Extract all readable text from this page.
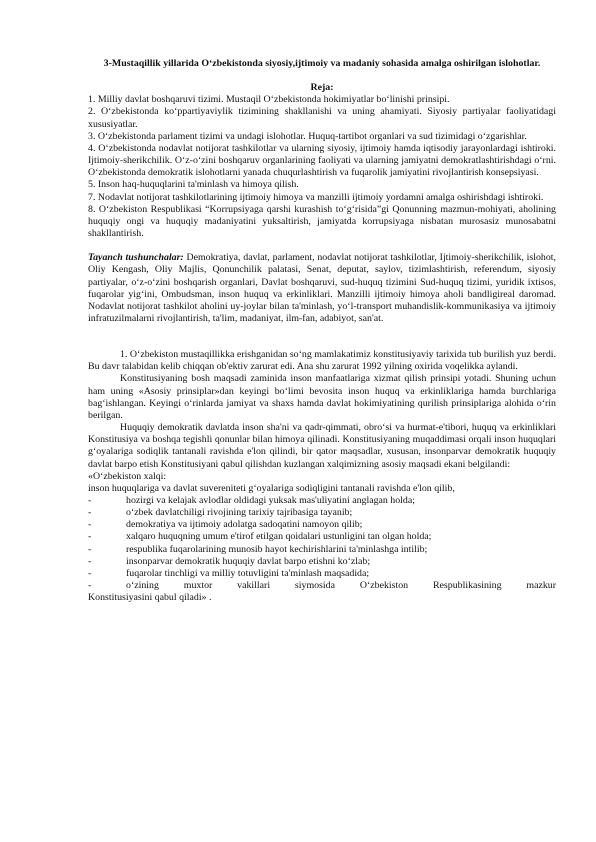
3-Mustaqillik yillarida O‘zbekistonda siyosiy,ijtimoiy va madaniy sohasida amalga oshirilgan islohotlar.

Reja:

1. Milliy davlat boshqaruvi tizimi. Mustaqil O‘zbekistonda hokimiyatlar bo‘linishi prinsipi.

2. O‘zbekistonda ko‘ppartiyaviylik tizimining shakllanishi va uning ahamiyati. Siyosiy partiyalar faoliyatidagi xususiyatlar.

3. O‘zbekistonda parlament tizimi va undagi islohotlar. Huquq-tartibot organlari va sud tizimidagi o‘zgarishlar.

4. O‘zbekistonda nodavlat notijorat tashkilotlar va ularning siyosiy, ijtimoiy hamda iqtisodiy jarayonlardagi ishtiroki. Ijtimoiy-sherikchilik. O‘z-o‘zini boshqaruv organlarining faoliyati va ularning jamiyatni demokratlashtirishdagi o‘rni. O‘zbekistonda demokratik islohotlarni yanada chuqurlashtirish va fuqarolik jamiyatini rivojlantirish konsepsiyasi.

5. Inson haq-huquqlarini ta'minlash va himoya qilish.

7. Nodavlat notijorat tashkilotlarining ijtimoiy himoya va manzilli ijtimoiy yordamni amalga oshirishdagi ishtiroki.

8. O‘zbekiston Respublikasi “Korrupsiyaga qarshi kurashish to‘g‘risida”gi Qonunning mazmun-mohiyati, aholining huquqiy ongi va huquqiy madaniyatini yuksaltirish, jamiyatda korrupsiyaga nisbatan murosasiz munosabatni shakllantirish.

Tayanch tushunchalar: Demokratiya, davlat, parlament, nodavlat notijorat tashkilotlar, Ijtimoiy-sherikchilik, islohot, Oliy Kengash, Oliy Majlis, Qonunchilik palatasi, Senat, deputat, saylov, tizimlashtirish, referendum, siyosiy partiyalar, o‘z-o‘zini boshqarish organlari, Davlat boshqaruvi, sud-huquq tizimini Sud-huquq tizimi, yuridik ixtisos, fuqarolar yig‘ini, Ombudsman, inson huquq va erkinliklari. Manzilli ijtimoiy himoya aholi bandligireal daromad. Nodavlat notijorat tashkilot aholini uy-joylar bilan ta'minlash, yo‘l-transport muhandislik-kommunikasiya va ijtimoiy infratuzilmalarni rivojlantirish, ta'lim, madaniyat, ilm-fan, adabiyot, san'at.

1. O‘zbekiston mustaqillikka erishganidan so‘ng mamlakatimiz konstitusiyaviy tarixida tub burilish yuz berdi. Bu davr talabidan kelib chiqqan ob'ektiv zarurat edi. Ana shu zarurat 1992 yilning oxirida voqelikka aylandi.

Konstitusiyaning bosh maqsadi zaminida inson manfaatlariga xizmat qilish prinsipi yotadi. Shuning uchun ham uning «Asosiy prinsiplar»dan keyingi bo‘limi bevosita inson huquq va erkinliklariga hamda burchlariga bag‘ishlangan. Keyingi o‘rinlarda jamiyat va shaxs hamda davlat hokimiyatining qurilish prinsiplariga alohida o‘rin berilgan.

Huquqiy demokratik davlatda inson sha'ni va qadr-qimmati, obro‘si va hurmat-e'tibori, huquq va erkinliklari Konstitusiya va boshqa tegishli qonunlar bilan himoya qilinadi. Konstitusiyaning muqaddimasi orqali inson huquqlari g‘oyalariga sodiqlik tantanali ravishda e'lon qilindi, bir qator maqsadlar, xususan, insonparvar demokratik huquqiy davlat barpo etish Konstitusiyani qabul qilishdan kuzlangan xalqimizning asosiy maqsadi ekani belgilandi:

«O‘zbekiston xalqi:

inson huquqlariga va davlat suvereniteti g‘oyalariga sodiqligini tantanali ravishda e'lon qilib,

-	hozirgi va kelajak avlodlar oldidagi yuksak mas'uliyatini anglagan holda;
-	o‘zbek davlatchiligi rivojining tarixiy tajribasiga tayanib;
-	demokratiya va ijtimoiy adolatga sadoqatini namoyon qilib;
-	xalqaro huquqning umum e'tirof etilgan qoidalari ustunligini tan olgan holda;
-	respublika fuqarolarining munosib hayot kechirishlarini ta'minlashga intilib;
-	insonparvar demokratik huquqiy davlat barpo etishni ko‘zlab;
-	fuqarolar tinchligi va milliy totuvligini ta'minlash maqsadida;
-	o‘zining muxtor vakillari siymosida O‘zbekiston Respublikasining mazkur

Konstitusiyasini qabul qiladi» .
